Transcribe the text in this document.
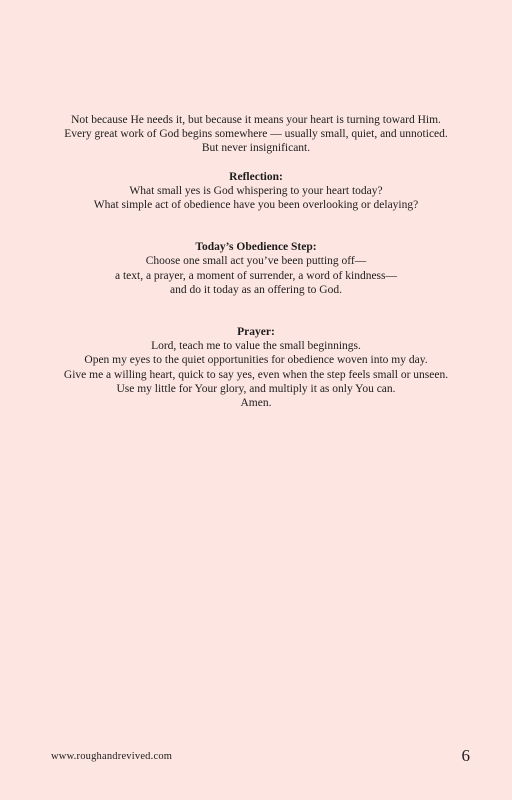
Not because He needs it, but because it means your heart is turning toward Him.

Every great work of God begins somewhere — usually small, quiet, and unnoticed.

But never insignificant.

Reflection:

What small yes is God whispering to your heart today?

What simple act of obedience have you been overlooking or delaying?

Today’s Obedience Step:

Choose one small act you’ve been putting off—

a text, a prayer, a moment of surrender, a word of kindness—

and do it today as an offering to God.

Prayer:

Lord, teach me to value the small beginnings.

Open my eyes to the quiet opportunities for obedience woven into my day.

Give me a willing heart, quick to say yes, even when the step feels small or unseen.

Use my little for Your glory, and multiply it as only You can.

Amen.

www.roughandrevived.com	6
